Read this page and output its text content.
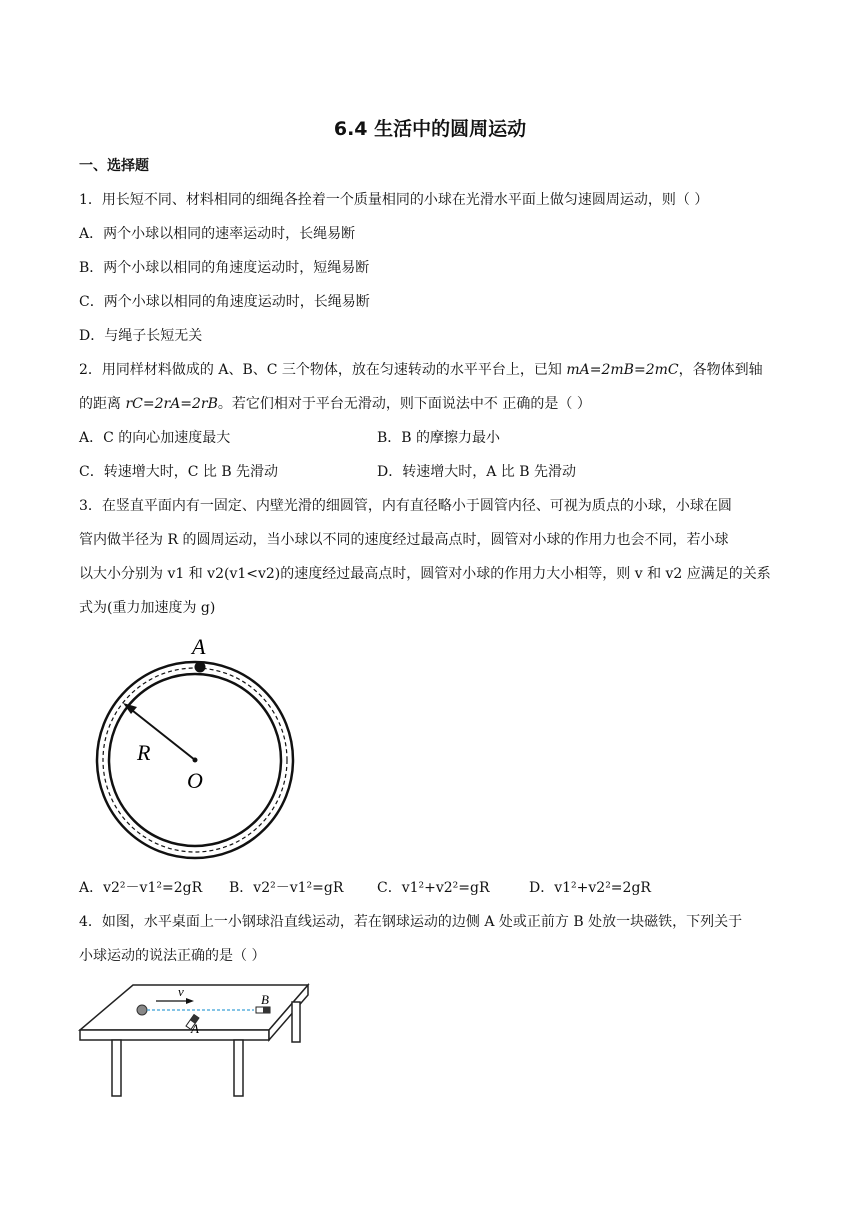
6.4 生活中的圆周运动
一、选择题
1．用长短不同、材料相同的细绳各拴着一个质量相同的小球在光滑水平面上做匀速圆周运动，则（ ）
A．两个小球以相同的速率运动时，长绳易断
B．两个小球以相同的角速度运动时，短绳易断
C．两个小球以相同的角速度运动时，长绳易断
D．与绳子长短无关
2．用同样材料做成的 A、B、C 三个物体，放在匀速转动的水平平台上，已知 mA=2mB=2mC，各物体到轴
的距离 rC=2rA=2rB。若它们相对于平台无滑动，则下面说法中不 正确的是（ ）
A．C 的向心加速度最大	B．B 的摩擦力最小
C．转速增大时，C 比 B 先滑动	D．转速增大时，A 比 B 先滑动
3．在竖直平面内有一固定、内壁光滑的细圆管，内有直径略小于圆管内径、可视为质点的小球，小球在圆
管内做半径为 R 的圆周运动，当小球以不同的速度经过最高点时，圆管对小球的作用力也会不同，若小球
以大小分别为 v1 和 v2(v1<v2)的速度经过最高点时，圆管对小球的作用力大小相等，则 v 和 v2 应满足的关系
式为(重力加速度为 g)
A
R
O
A．v2²－v1²=2gR B．v2²－v1²=gR C．v1²+v2²=gR	D．v1²+v2²=2gR
4．如图，水平桌面上一小钢球沿直线运动，若在钢球运动的边侧 A 处或正前方 B 处放一块磁铁，下列关于
小球运动的说法正确的是（ ）
v
B
A
